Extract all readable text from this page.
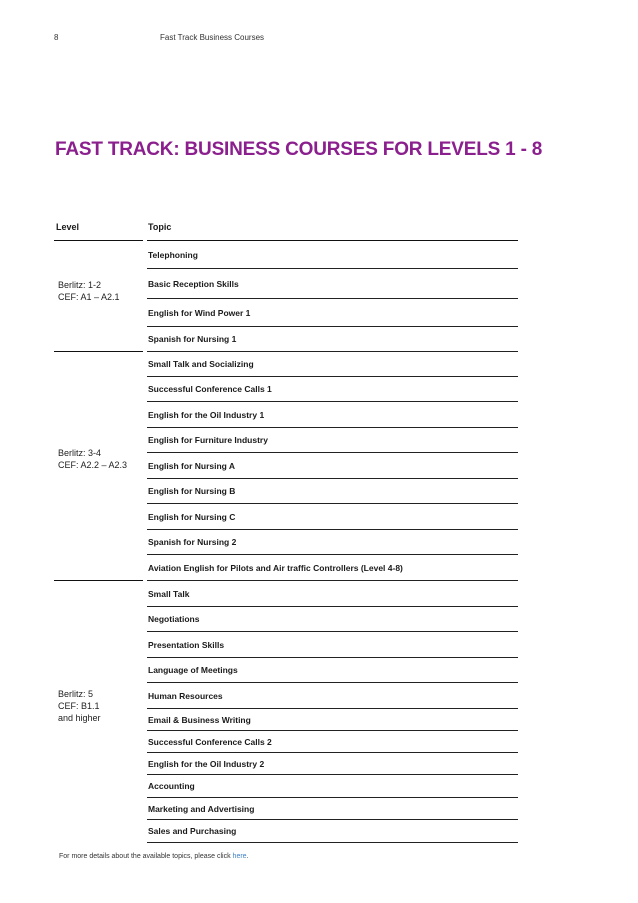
8	Fast Track Business Courses
FAST TRACK: BUSINESS COURSES FOR LEVELS 1 - 8
Level	Topic
Berlitz: 1-2
CEF: A1 – A2.1
Telephoning
Basic Reception Skills
English for Wind Power 1
Spanish for Nursing 1
Berlitz: 3-4
CEF: A2.2 – A2.3
Small Talk and Socializing
Successful Conference Calls 1
English for the Oil Industry 1
English for Furniture Industry
English for Nursing A
English for Nursing B
English for Nursing C
Spanish for Nursing 2
Aviation English for Pilots and Air traffic Controllers (Level 4-8)
Berlitz: 5
CEF: B1.1
and higher
Small Talk
Negotiations
Presentation Skills
Language of Meetings
Human Resources
Email & Business Writing
Successful Conference Calls 2
English for the Oil Industry 2
Accounting
Marketing and Advertising
Sales and Purchasing
For more details about the available topics, please click here.
